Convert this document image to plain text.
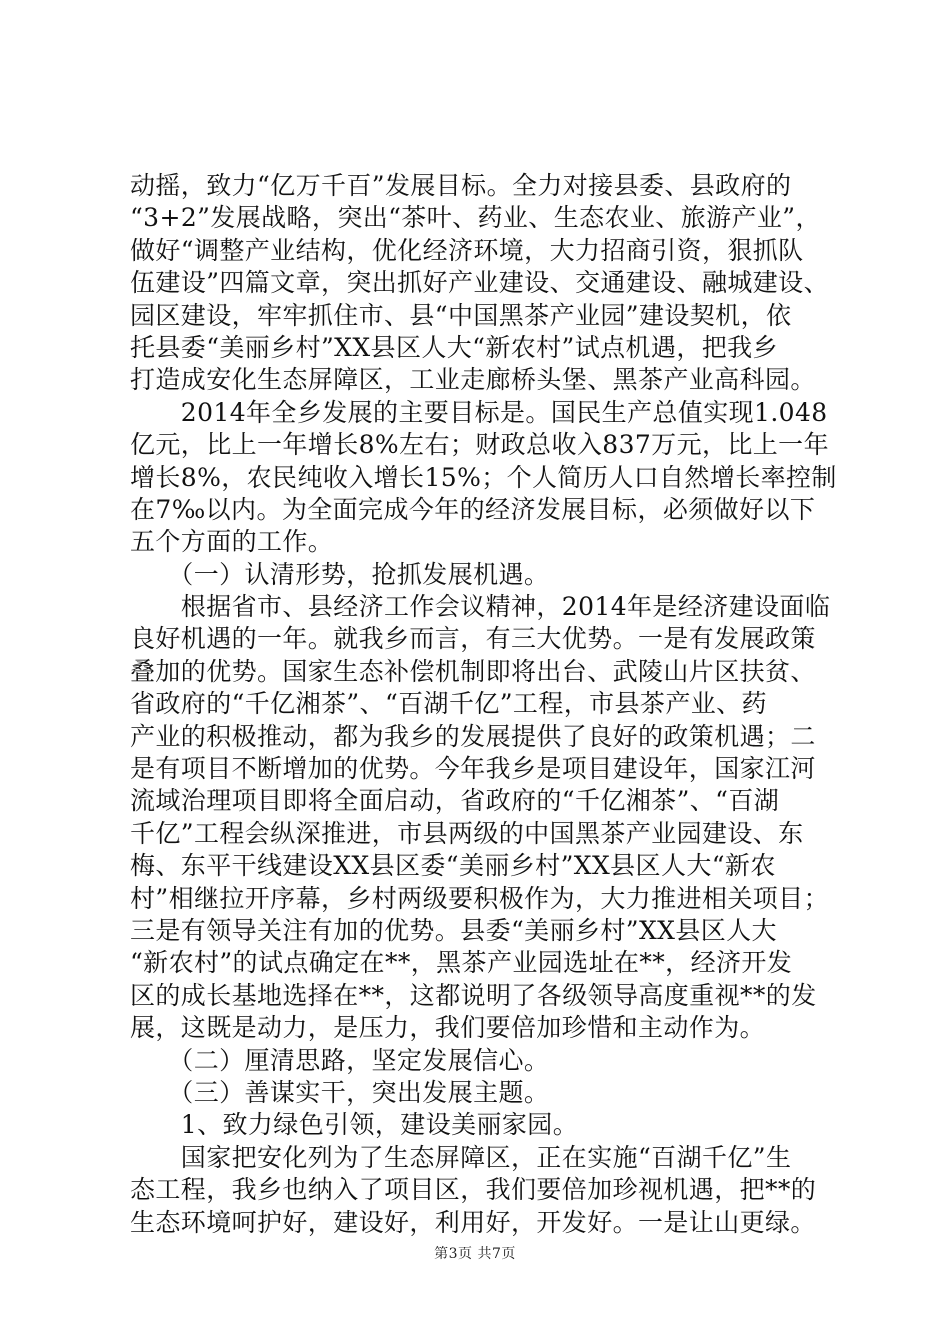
动摇，致力“亿万千百”发展目标。全力对接县委、县政府的
“3+2”发展战略，突出“茶叶、药业、生态农业、旅游产业”，
做好“调整产业结构，优化经济环境，大力招商引资，狠抓队
伍建设”四篇文章，突出抓好产业建设、交通建设、融城建设、
园区建设，牢牢抓住市、县“中国黑茶产业园”建设契机，依
托县委“美丽乡村”XX县区人大“新农村”试点机遇，把我乡
打造成安化生态屏障区，工业走廊桥头堡、黑茶产业高科园。
　　2014年全乡发展的主要目标是。国民生产总值实现1.048
亿元，比上一年增长8%左右；财政总收入837万元，比上一年
增长8%，农民纯收入增长15%；个人简历人口自然增长率控制
在7‰以内。为全面完成今年的经济发展目标，必须做好以下
五个方面的工作。
　　（一）认清形势，抢抓发展机遇。
　　根据省市、县经济工作会议精神，2014年是经济建设面临
良好机遇的一年。就我乡而言，有三大优势。一是有发展政策
叠加的优势。国家生态补偿机制即将出台、武陵山片区扶贫、
省政府的“千亿湘茶”、“百湖千亿”工程，市县茶产业、药
产业的积极推动，都为我乡的发展提供了良好的政策机遇；二
是有项目不断增加的优势。今年我乡是项目建设年，国家江河
流域治理项目即将全面启动，省政府的“千亿湘茶”、“百湖
千亿”工程会纵深推进，市县两级的中国黑茶产业园建设、东
梅、东平干线建设XX县区委“美丽乡村”XX县区人大“新农
村”相继拉开序幕，乡村两级要积极作为，大力推进相关项目；
三是有领导关注有加的优势。县委“美丽乡村”XX县区人大
“新农村”的试点确定在**，黑茶产业园选址在**，经济开发
区的成长基地选择在**，这都说明了各级领导高度重视**的发
展，这既是动力，是压力，我们要倍加珍惜和主动作为。
　　（二）厘清思路，坚定发展信心。
　　（三）善谋实干，突出发展主题。
　　1、致力绿色引领，建设美丽家园。
　　国家把安化列为了生态屏障区，正在实施“百湖千亿”生
态工程，我乡也纳入了项目区，我们要倍加珍视机遇，把**的
生态环境呵护好，建设好，利用好，开发好。一是让山更绿。
第3页 共7页
